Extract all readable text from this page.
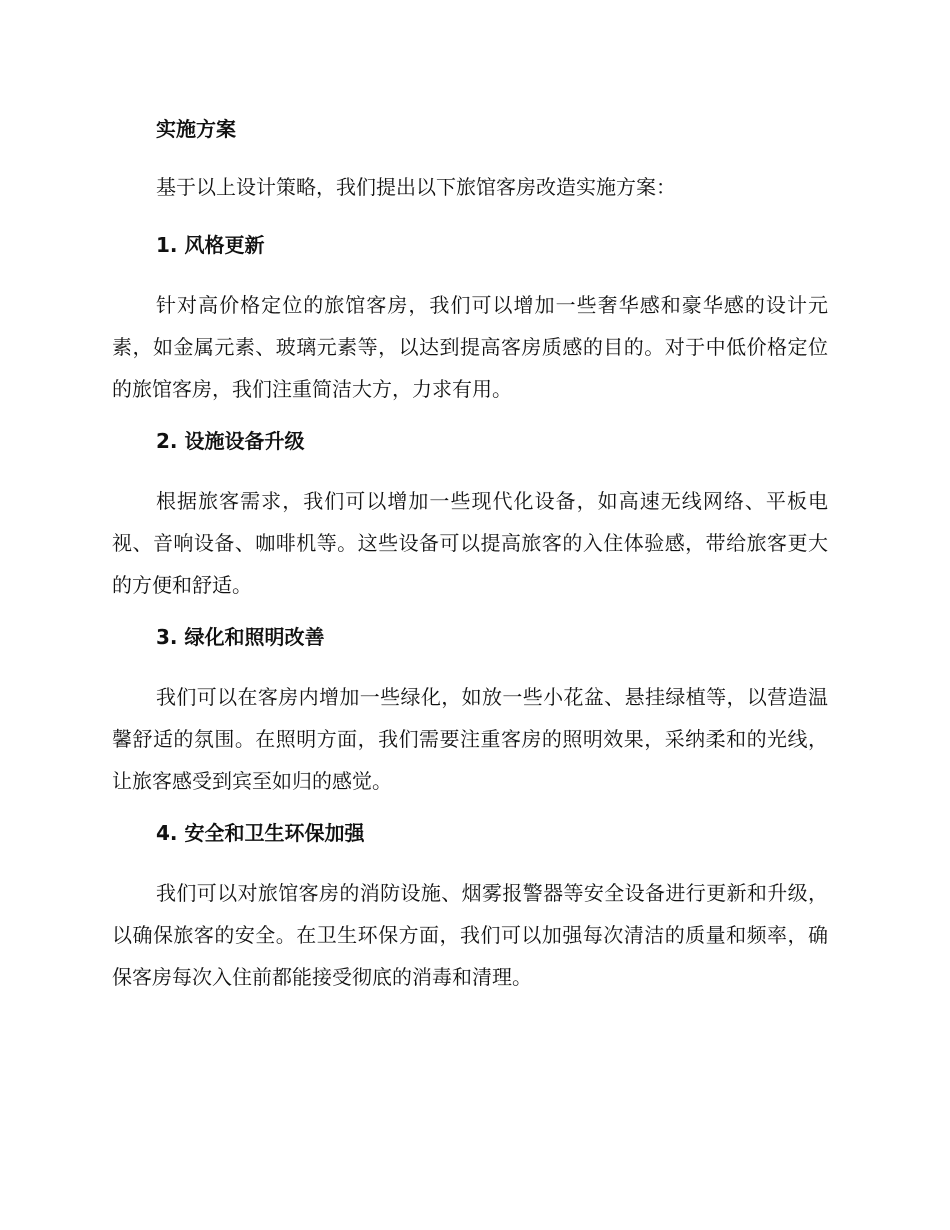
实施方案
基于以上设计策略，我们提出以下旅馆客房改造实施方案：
1. 风格更新

针对高价格定位的旅馆客房，我们可以增加一些奢华感和豪华感的设计元素，如金属元素、玻璃元素等，以达到提高客房质感的目的。对于中低价格定位的旅馆客房，我们注重简洁大方，力求有用。

2. 设施设备升级

根据旅客需求，我们可以增加一些现代化设备，如高速无线网络、平板电视、音响设备、咖啡机等。这些设备可以提高旅客的入住体验感，带给旅客更大的方便和舒适。

3. 绿化和照明改善

我们可以在客房内增加一些绿化，如放一些小花盆、悬挂绿植等，以营造温馨舒适的氛围。在照明方面，我们需要注重客房的照明效果，采纳柔和的光线，让旅客感受到宾至如归的感觉。

4. 安全和卫生环保加强

我们可以对旅馆客房的消防设施、烟雾报警器等安全设备进行更新和升级，以确保旅客的安全。在卫生环保方面，我们可以加强每次清洁的质量和频率，确保客房每次入住前都能接受彻底的消毒和清理。
